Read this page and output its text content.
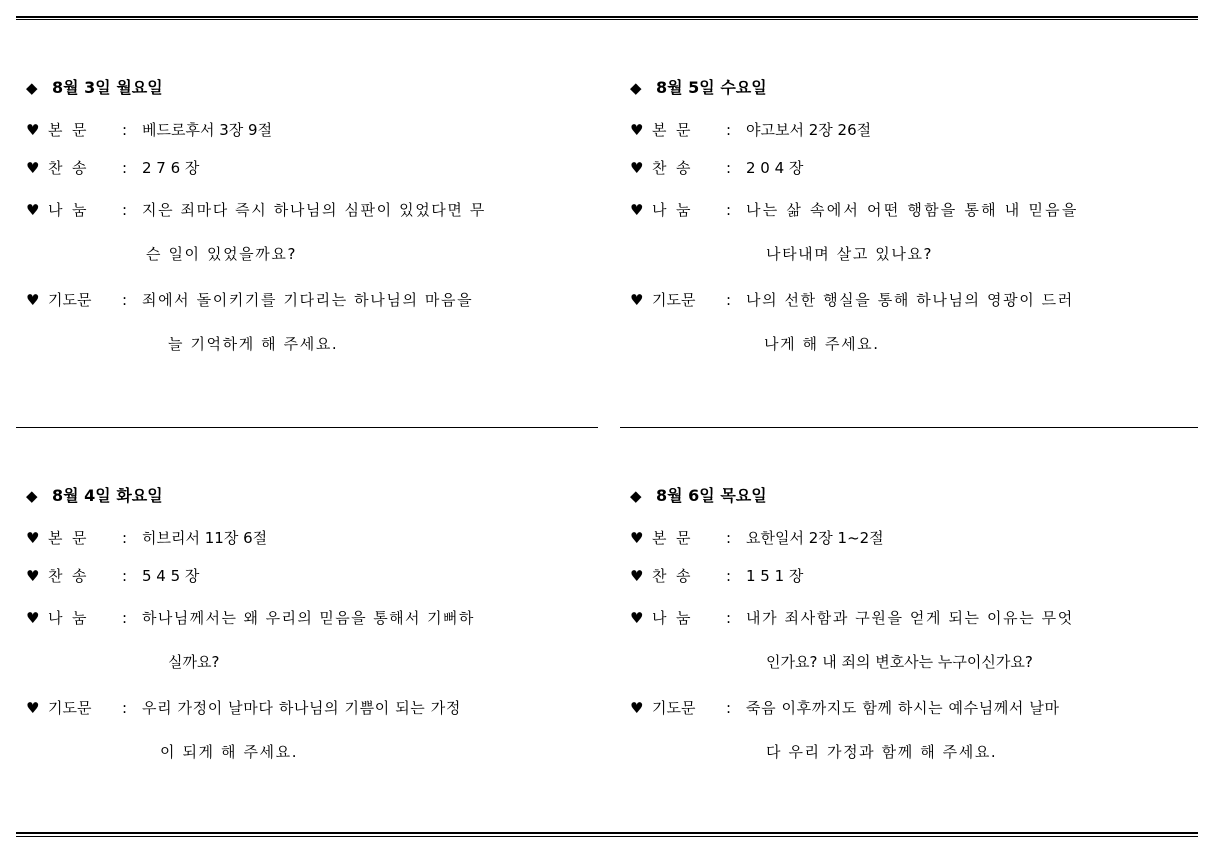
◆ 8월 3일 월요일
♥ 본  문 : 베드로후서 3장 9절
♥ 찬  송 : 2 7 6 장
♥ 나  눔 : 지은 죄마다 즉시 하나님의 심판이 있었다면 무
슨 일이 있었을까요?
♥ 기도문 : 죄에서 돌이키기를 기다리는 하나님의 마음을
늘 기억하게 해 주세요.
◆ 8월 5일 수요일
♥ 본  문 : 야고보서 2장 26절
♥ 찬  송 : 2 0 4 장
♥ 나  눔 : 나는 삶 속에서 어떤 행함을 통해 내 믿음을
나타내며 살고 있나요?
♥ 기도문 : 나의 선한 행실을 통해 하나님의 영광이 드러
나게 해 주세요.
◆ 8월 4일 화요일
♥ 본  문 : 히브리서 11장 6절
♥ 찬  송 : 5 4 5 장
♥ 나  눔 : 하나님께서는 왜 우리의 믿음을 통해서 기뻐하
실까요?
♥ 기도문 : 우리 가정이 날마다 하나님의 기쁨이 되는 가정
이 되게 해 주세요.
◆ 8월 6일 목요일
♥ 본  문 : 요한일서 2장 1~2절
♥ 찬  송 : 1 5 1 장
♥ 나  눔 : 내가 죄사함과 구원을 얻게 되는 이유는 무엇
인가요? 내 죄의 변호사는 누구이신가요?
♥ 기도문 : 죽음 이후까지도 함께 하시는 예수님께서 날마
다 우리 가정과 함께 해 주세요.
